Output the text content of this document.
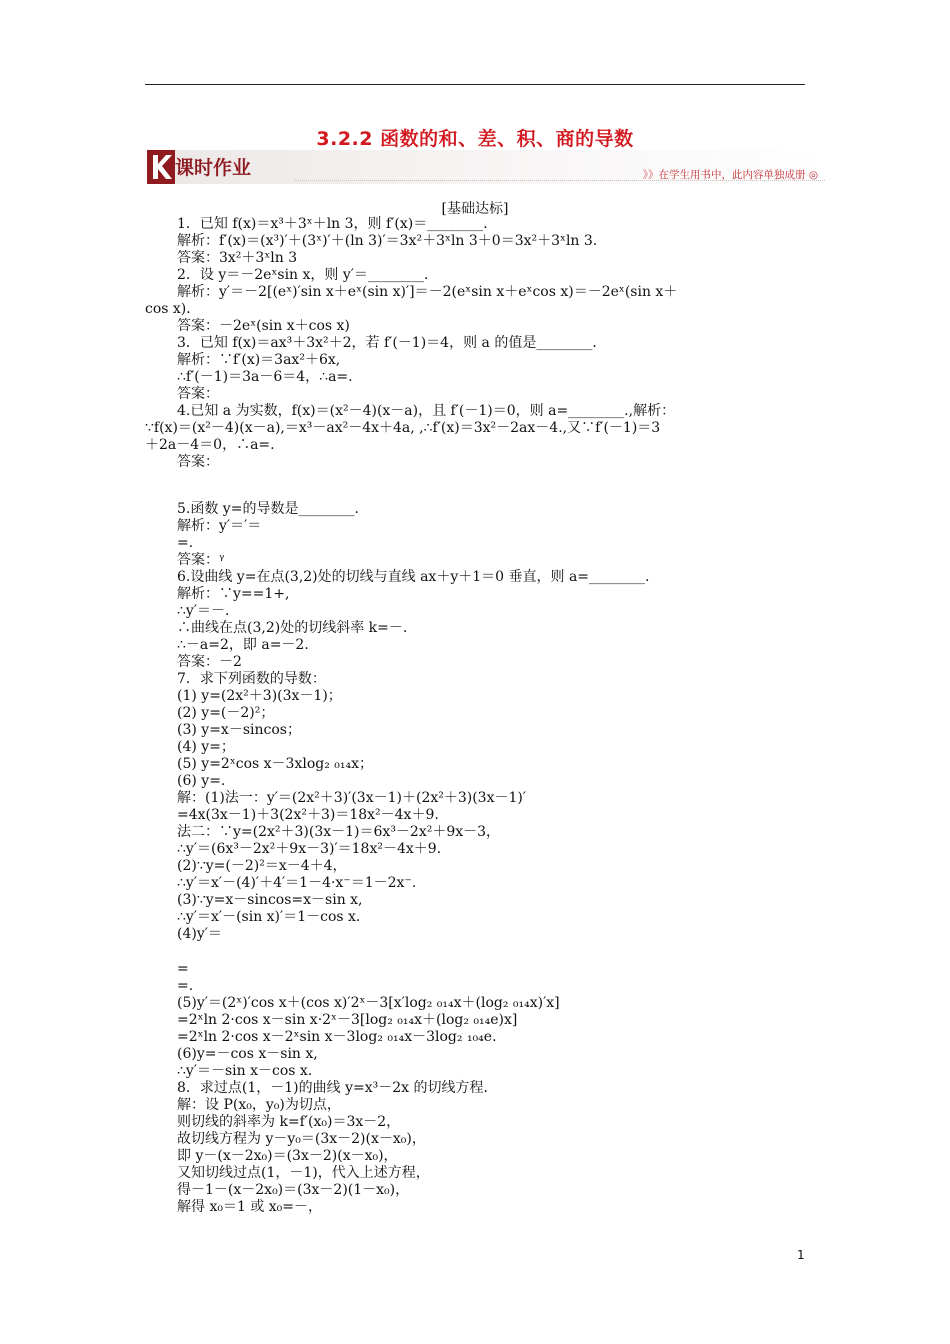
3.2.2 函数的和、差、积、商的导数
课时作业	》》在学生用书中，此内容单独成册 ◎
[基础达标]
1．已知 f(x)＝x³＋3ˣ＋ln 3，则 f′(x)＝________．
解析：f′(x)＝(x³)′＋(3ˣ)′＋(ln 3)′＝3x²＋3ˣln 3＋0＝3x²＋3ˣln 3.
答案：3x²＋3ˣln 3
2．设 y＝－2eˣsin x，则 y′＝________．
解析：y′＝－2[(eˣ)′sin x＋eˣ(sin x)′]＝－2(eˣsin x＋eˣcos x)＝－2eˣ(sin x＋
cos x)．
答案：－2eˣ(sin x＋cos x)
3．已知 f(x)＝ax³＋3x²＋2，若 f′(－1)＝4，则 a 的值是________．
解析：∵f′(x)＝3ax²＋6x,
∴f′(－1)＝3a－6＝4，∴a=.
答案：
4.已知 a 为实数，f(x)＝(x²－4)(x－a)，且 f′(－1)＝0，则 a=________.,解析：
∵f(x)＝(x²－4)(x－a),＝x³－ax²－4x＋4a, ,∴f′(x)＝3x²－2ax－4.,又∵f′(－1)＝3
＋2a－4＝0，∴a=.
答案：
5.函数 y=的导数是________.
解析：y′＝′＝
=.
答案：ᵞ
6.设曲线 y=在点(3,2)处的切线与直线 ax＋y＋1＝0 垂直，则 a=________.
解析：∵y==1+,
∴y′＝－.
∴曲线在点(3,2)处的切线斜率 k=－.
∴－a=2，即 a=－2.
答案：－2
7．求下列函数的导数：
(1) y=(2x²＋3)(3x－1)；
(2) y=(－2)²；
(3) y=x－sincos；
(4) y=；
(5) y=2ˣcos x－3xlog₂ ₀₁₄x；
(6) y=.
解：(1)法一：y′＝(2x²＋3)′(3x－1)＋(2x²＋3)(3x－1)′
=4x(3x－1)＋3(2x²＋3)＝18x²－4x＋9.
法二：∵y=(2x²＋3)(3x－1)＝6x³－2x²＋9x－3，
∴y′＝(6x³－2x²＋9x－3)′＝18x²－4x＋9.
(2)∵y=(－2)²＝x－4＋4，
∴y′＝x′－(4)′＋4′＝1－4·x⁻＝1－2x⁻.
(3)∵y=x－sincos=x－sin x,
∴y′＝x′－(sin x)′＝1－cos x.
(4)y′＝
=
=.
(5)y′＝(2ˣ)′cos x＋(cos x)′2ˣ－3[x′log₂ ₀₁₄x＋(log₂ ₀₁₄x)′x]
=2ˣln 2·cos x－sin x·2ˣ－3[log₂ ₀₁₄x＋(log₂ ₀₁₄e)x]
=2ˣln 2·cos x－2ˣsin x－3log₂ ₀₁₄x－3log₂ ₁₀₄e.
(6)y=－cos x－sin x,
∴y′＝－sin x－cos x.
8．求过点(1，－1)的曲线 y=x³－2x 的切线方程．
解：设 P(x₀，y₀)为切点，
则切线的斜率为 k=f′(x₀)＝3x－2，
故切线方程为 y－y₀＝(3x－2)(x－x₀)，
即 y－(x－2x₀)＝(3x－2)(x－x₀)，
又知切线过点(1，－1)，代入上述方程，
得－1－(x－2x₀)＝(3x－2)(1－x₀)，
解得 x₀＝1 或 x₀=－，
1
